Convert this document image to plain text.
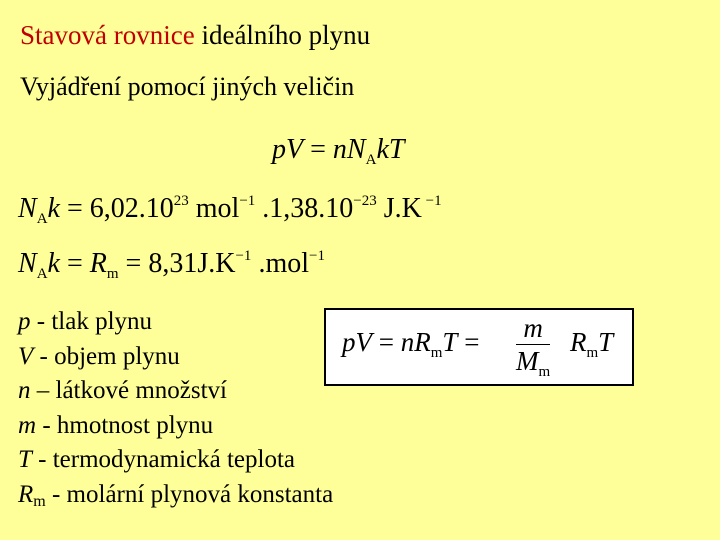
Stavová rovnice ideálního plynu
Vyjádření pomocí jiných veličin
pV = $nN_AkT$
$N_Ak = 6,02.10^{23}$ mol$^{-1}$ $.1,38.10^{-23}$ J.K $^{-1}$
$N_Ak = R_m = 8,31J.K^{-1}$ .mol$^{-1}$
p - tlak plynu
V - objem plynu
n – látkové množství
m - hmotnost plynu
T - termodynamická teplota
Rm - molární plynová konstanta
pV = $nR_mT = \frac{m}{M_m} R_mT$
